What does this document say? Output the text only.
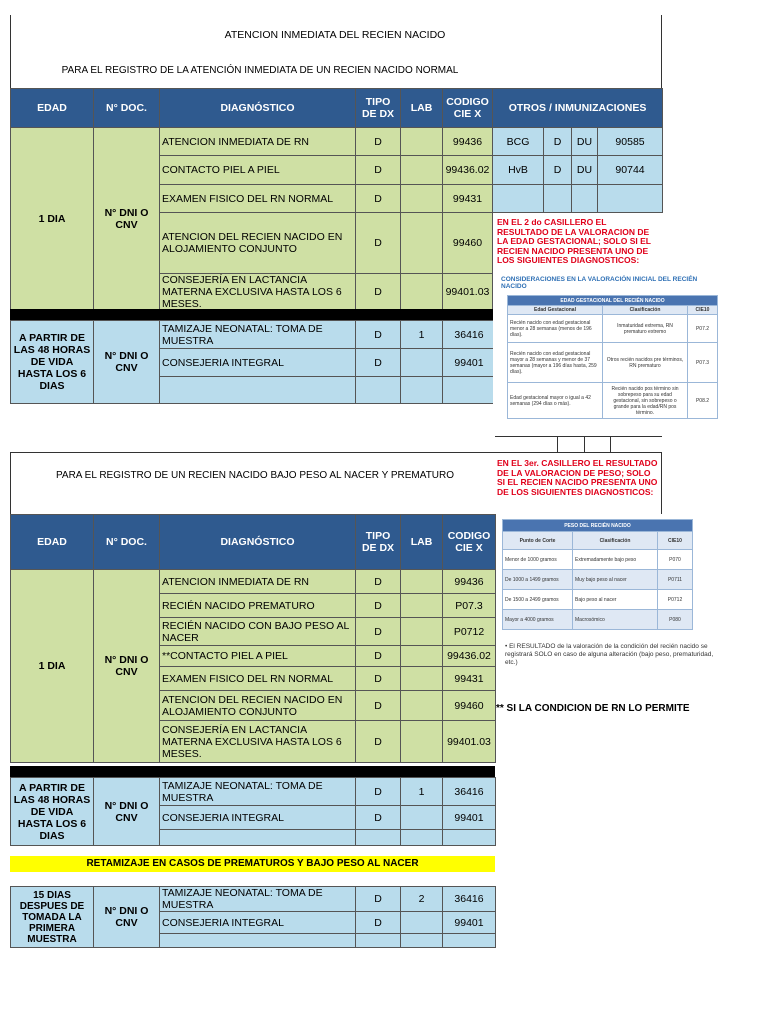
ATENCION INMEDIATA DEL RECIEN NACIDO
PARA EL REGISTRO DE LA ATENCIÓN INMEDIATA DE UN RECIEN NACIDO NORMAL
EDAD	N° DOC.	DIAGNÓSTICO	TIPO DE DX	LAB	CODIGO CIE X	OTROS / INMUNIZACIONES			
1 DIA	N° DNI O CNV	ATENCION INMEDIATA DE RN	D		99436	BCG	D	DU	90585
		CONTACTO PIEL A PIEL	D		99436.02	HvB	D	DU	90744
		EXAMEN FISICO DEL RN NORMAL	D		99431				
		ATENCION DEL RECIEN NACIDO EN ALOJAMIENTO CONJUNTO	D		99460				
		CONSEJERÍA EN LACTANCIA MATERNA EXCLUSIVA HASTA LOS 6 MESES.	D		99401.03				
A PARTIR DE LAS 48 HORAS DE VIDA HASTA LOS 6 DIAS	N° DNI O CNV	TAMIZAJE NEONATAL: TOMA DE MUESTRA	D	1	36416
		CONSEJERIA INTEGRAL	D		99401

EN EL 2 do CASILLERO EL RESULTADO DE LA VALORACION DE LA EDAD GESTACIONAL; SOLO SI EL RECIEN NACIDO PRESENTA UNO DE LOS SIGUIENTES DIAGNOSTICOS:
CONSIDERACIONES EN LA VALORACIÓN INICIAL DEL RECIÉN NACIDO
EDAD GESTACIONAL DEL RECIÉN NACIDO		
Edad Gestacional	Clasificación	CIE10
Recién nacido con edad gestacional menor a 28 semanas (menos de 196 días).	Inmaturidad extrema, RN prematuro extremo	P07.2
Recién nacido con edad gestacional mayor a 28 semanas y menor de 37 semanas (mayor a 196 días hasta, 259 días).	Otros recién nacidos pre términos, RN prematuro	P07.3
Edad gestacional mayor o igual a 42 semanas (294 días o más).	Recién nacido pos término sin sobrepeso para su edad gestacional, sin sobrepeso o grande para la edad/RN pos término.	P08.2
PARA EL REGISTRO DE UN RECIEN NACIDO BAJO PESO AL NACER Y PREMATURO
EN EL 3er. CASILLERO EL RESULTADO DE LA VALORACION DE PESO; SOLO SI EL RECIEN NACIDO PRESENTA UNO DE LOS SIGUIENTES DIAGNOSTICOS:
EDAD	N° DOC.	DIAGNÓSTICO	TIPO DE DX	LAB	CODIGO CIE X
1 DIA	N° DNI O CNV	ATENCION INMEDIATA DE RN	D		99436
		RECIÉN NACIDO PREMATURO	D		P07.3
		RECIÉN NACIDO CON BAJO PESO AL NACER	D		P0712
		**CONTACTO PIEL A PIEL	D		99436.02
		EXAMEN FISICO DEL RN NORMAL	D		99431
		ATENCION DEL RECIEN NACIDO EN ALOJAMIENTO CONJUNTO	D		99460
		CONSEJERÍA EN LACTANCIA MATERNA EXCLUSIVA HASTA LOS 6 MESES.	D		99401.03
PESO DEL RECIÉN NACIDO		
Punto de Corte	Clasificación	CIE10
Menor de 1000 gramos	Extremadamente bajo peso	P070
De 1000 a 1499 gramos	Muy bajo peso al nacer	P0711
De 1500 a 2499 gramos	Bajo peso al nacer	P0712
Mayor a 4000 gramos	Macrosómico	P080
• El RESULTADO de la valoración de la condición del recién nacido se registrará SOLO en caso de alguna alteración (bajo peso, prematuridad, etc.)
** SI LA CONDICION DE RN LO PERMITE
A PARTIR DE LAS 48 HORAS DE VIDA HASTA LOS 6 DIAS	N° DNI O CNV	TAMIZAJE NEONATAL: TOMA DE MUESTRA	D	1	36416
		CONSEJERIA INTEGRAL	D		99401

RETAMIZAJE EN CASOS DE PREMATUROS Y BAJO PESO AL NACER
15 DIAS DESPUES DE TOMADA LA PRIMERA MUESTRA	N° DNI O CNV	TAMIZAJE NEONATAL: TOMA DE MUESTRA	D	2	36416
		CONSEJERIA INTEGRAL	D		99401
